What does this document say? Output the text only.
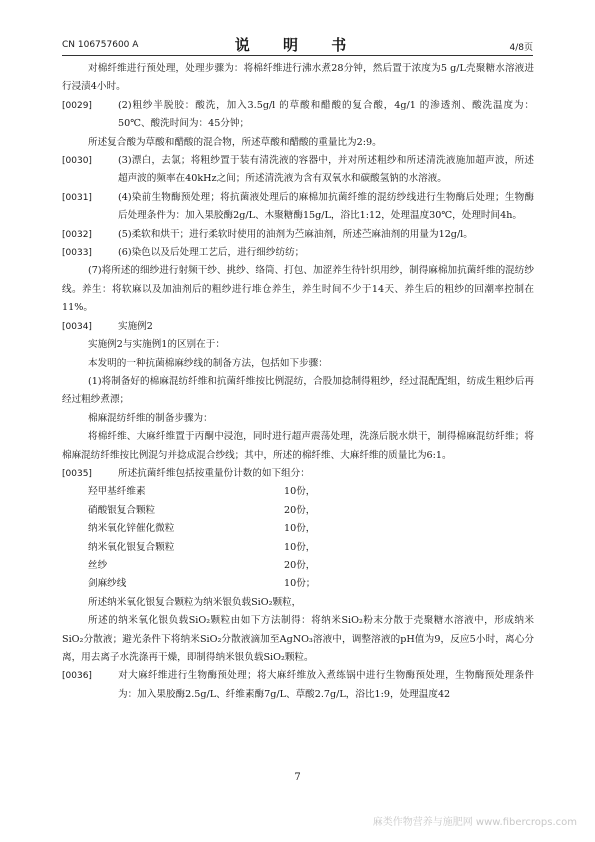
CN 106757600 A	说 明 书	4/8页

对棉纤维进行预处理，处理步骤为：将棉纤维进行沸水煮28分钟，然后置于浓度为5 g/L壳聚糖水溶液进行浸渍4小时。

[0029]	(2)粗纱半脱胶：酸洗，加入3.5g/l 的草酸和醋酸的复合酸，4g/1 的渗透剂、酸洗温度为：50℃、酸洗时间为：45分钟；

所述复合酸为草酸和醋酸的混合物，所述草酸和醋酸的重量比为2:9。

[0030]	(3)漂白，去氯；将粗纱置于装有清洗液的容器中，并对所述粗纱和所述清洗液施加超声波，所述超声波的频率在40kHz之间；所述清洗液为含有双氧水和碳酸氢钠的水溶液。

[0031]	(4)染前生物酶预处理；将抗菌液处理后的麻棉加抗菌纤维的混纺纱线进行生物酶后处理；生物酶后处理条件为：加入果胶酶2g/L、木聚糖酶15g/L，浴比1:12，处理温度30℃，处理时间4h。

[0032]	(5)柔软和烘干；进行柔软时使用的油剂为苎麻油剂，所述苎麻油剂的用量为12g/l。

[0033]	(6)染色以及后处理工艺后，进行细纱纺纺；

(7)将所述的细纱进行射频干纱、挑纱、络筒、打包、加涩养生待针织用纱，制得麻棉加抗菌纤维的混纺纱线。养生：将软麻以及加油剂后的粗纱进行堆仓养生，养生时间不少于14天、养生后的粗纱的回潮率控制在11%。

[0034]	实施例2

实施例2与实施例1的区别在于：

本发明的一种抗菌棉麻纱线的制备方法，包括如下步骤：

(1)将制备好的棉麻混纺纤维和抗菌纤维按比例混纺，合股加捻制得粗纱，经过混配配组，纺成生粗纱后再经过粗纱煮漂；

棉麻混纺纤维的制备步骤为：

将棉纤维、大麻纤维置于丙酮中浸泡，同时进行超声震荡处理，洗涤后脱水烘干，制得棉麻混纺纤维；将棉麻混纺纤维按比例混匀并捻成混合纱线；其中，所述的棉纤维、大麻纤维的质量比为6:1。

[0035]	所述抗菌纤维包括按重量份计数的如下组分：

羟甲基纤维素	10份，
硝酸银复合颗粒	20份，
纳米氧化锌催化微粒	10份，
纳米氧化银复合颗粒	10份，
丝纱	20份，
剑麻纱线	10份；

所述纳米氧化银复合颗粒为纳米银负载SiO₂颗粒，

所述的纳米氧化银负载SiO₂颗粒由如下方法制得：将纳米SiO₂粉末分散于壳聚糖水溶液中，形成纳米SiO₂分散液；避光条件下将纳米SiO₂分散液滴加至AgNO₃溶液中，调整溶液的pH值为9，反应5小时，离心分离，用去离子水洗涤再干燥，即制得纳米银负载SiO₂颗粒。

[0036]	对大麻纤维进行生物酶预处理；将大麻纤维放入煮练锅中进行生物酶预处理，生物酶预处理条件为：加入果胶酶2.5g/L、纤维素酶7g/L、草酸2.7g/L，浴比1:9，处理温度42

7
麻类作物营养与施肥网 www.fibercrops.com
